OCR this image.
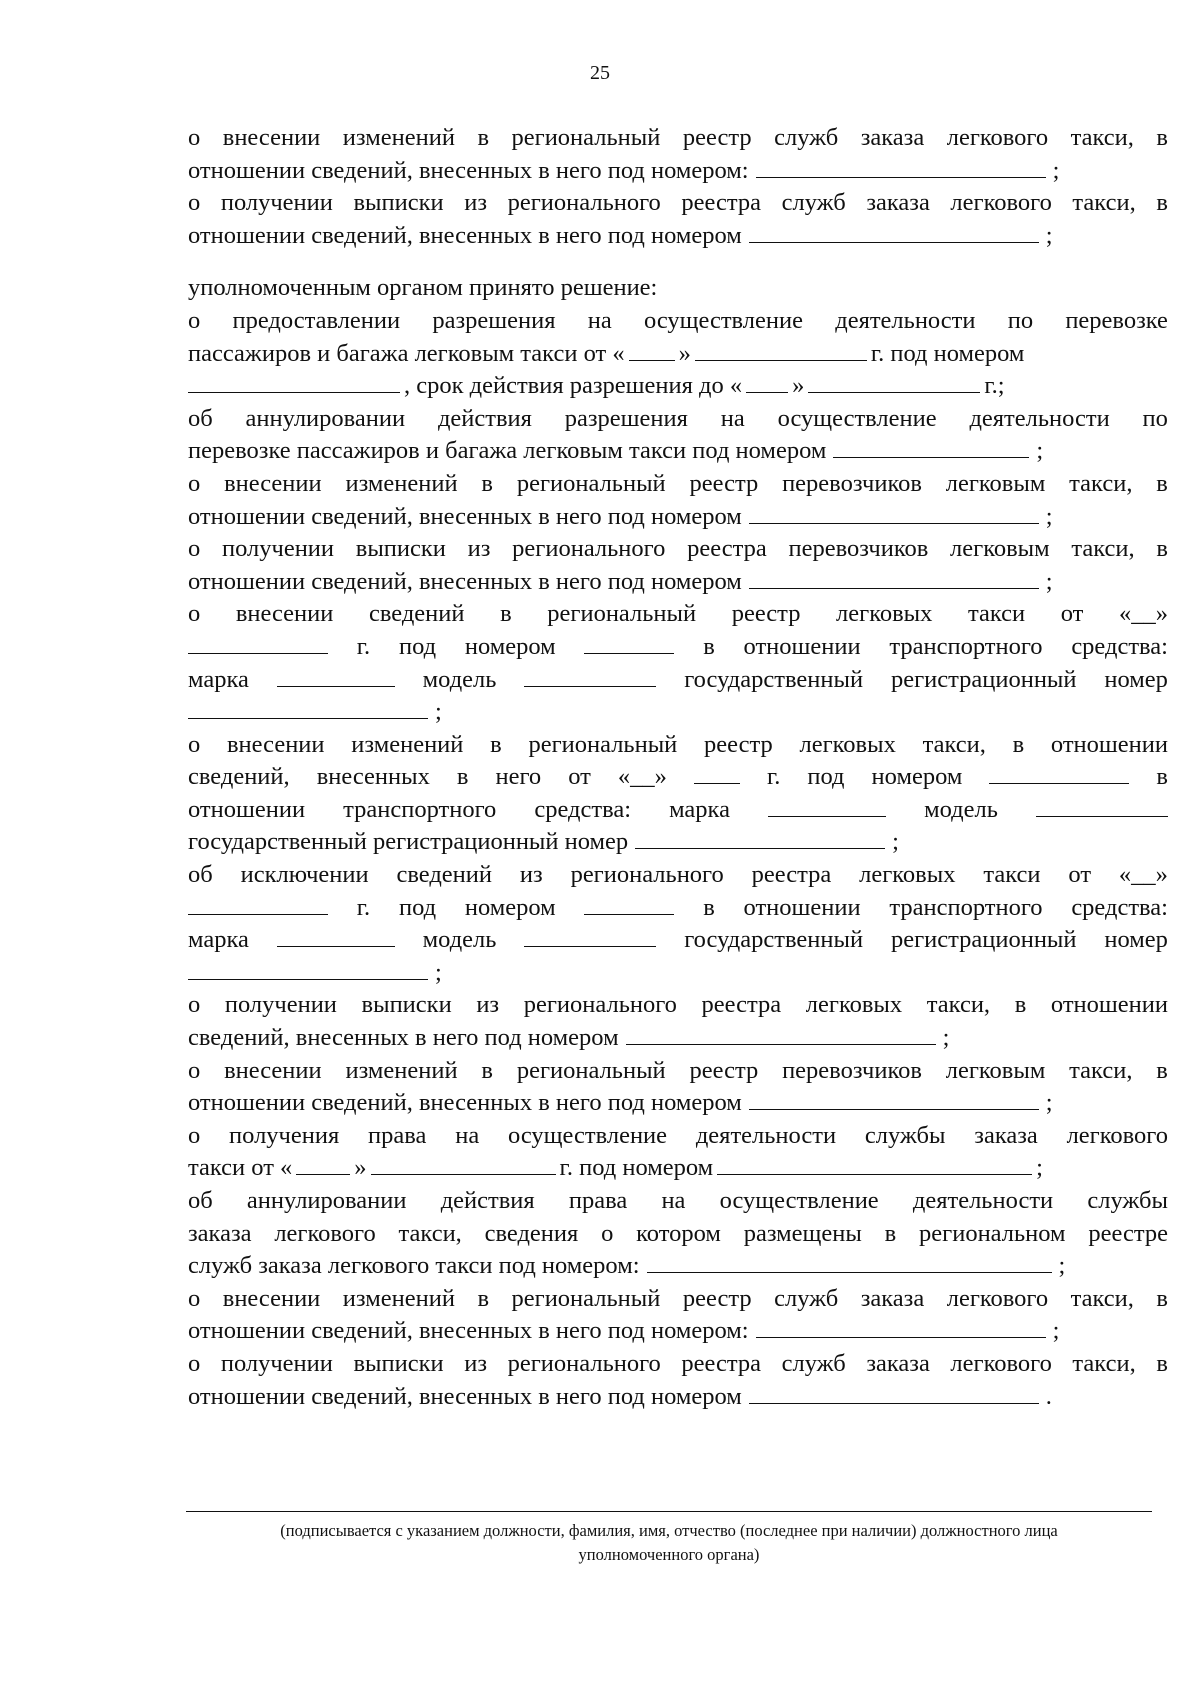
25
о внесении изменений в региональный реестр служб заказа легкового такси, в
отношении сведений, внесенных в него под номером:	;
о получении выписки из регионального реестра служб заказа легкового такси, в
отношении сведений, внесенных в него под номером	;
уполномоченным органом принято решение:
о предоставлении разрешения на осуществление деятельности по перевозке
пассажиров и багажа легковым такси от « »	г. под номером
, срок действия разрешения до « »	г.;
об аннулировании действия разрешения на осуществление деятельности по
перевозке пассажиров и багажа легковым такси под номером	;
о внесении изменений в региональный реестр перевозчиков легковым такси, в
отношении сведений, внесенных в него под номером	;
о получении выписки из регионального реестра перевозчиков легковым такси, в
отношении сведений, внесенных в него под номером	;
о внесении сведений в региональный реестр легковых такси от «__»
г. под номером	в отношении транспортного средства:
марка	модель	государственный регистрационный номер
;
о внесении изменений в региональный реестр легковых такси, в отношении
сведений, внесенных в него от «__»	г. под номером	в
отношении транспортного средства: марка	модель
государственный регистрационный номер	;
об исключении сведений из регионального реестра легковых такси от «__»
г. под номером	в отношении транспортного средства:
марка	модель	государственный регистрационный номер
;
о получении выписки из регионального реестра легковых такси, в отношении
сведений, внесенных в него под номером	;
о внесении изменений в региональный реестр перевозчиков легковым такси, в
отношении сведений, внесенных в него под номером	;
о получения права на осуществление деятельности службы заказа легкового
такси от «	»	г. под номером	;
об аннулировании действия права на осуществление деятельности службы
заказа легкового такси, сведения о котором размещены в региональном реестре
служб заказа легкового такси под номером:	;
о внесении изменений в региональный реестр служб заказа легкового такси, в
отношении сведений, внесенных в него под номером:	;
о получении выписки из регионального реестра служб заказа легкового такси, в
отношении сведений, внесенных в него под номером	.
(подписывается с указанием должности, фамилия, имя, отчество (последнее при наличии) должностного лица
уполномоченного органа)
